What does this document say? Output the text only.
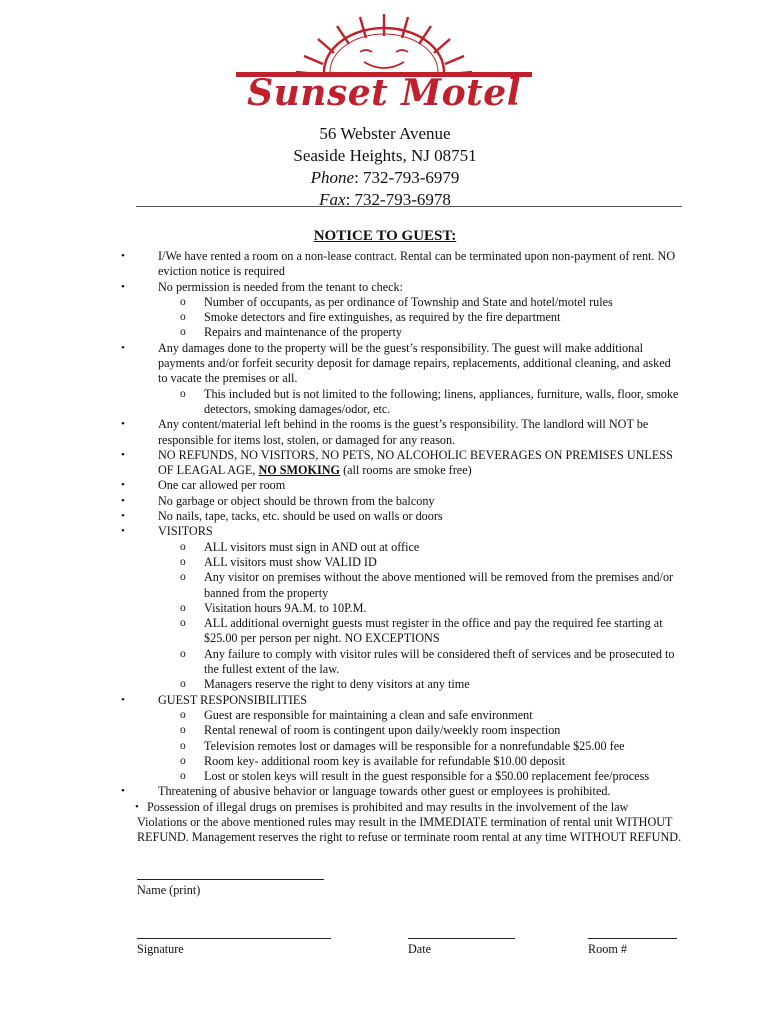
Sunset Motel
56 Webster Avenue
Seaside Heights, NJ 08751
Phone: 732-793-6979
Fax: 732-793-6978
NOTICE TO GUEST:
• I/We have rented a room on a non-lease contract. Rental can be terminated upon non-payment of rent. NO eviction notice is required
• No permission is needed from the tenant to check:
o Number of occupants, as per ordinance of Township and State and hotel/motel rules
o Smoke detectors and fire extinguishes, as required by the fire department
o Repairs and maintenance of the property
• Any damages done to the property will be the guest’s responsibility. The guest will make additional payments and/or forfeit security deposit for damage repairs, replacements, additional cleaning, and asked to vacate the premises or all.
o This included but is not limited to the following; linens, appliances, furniture, walls, floor, smoke detectors, smoking damages/odor, etc.
• Any content/material left behind in the rooms is the guest’s responsibility. The landlord will NOT be responsible for items lost, stolen, or damaged for any reason.
• NO REFUNDS, NO VISITORS, NO PETS, NO ALCOHOLIC BEVERAGES ON PREMISES UNLESS OF LEAGAL AGE, NO SMOKING (all rooms are smoke free)
• One car allowed per room
• No garbage or object should be thrown from the balcony
• No nails, tape, tacks, etc. should be used on walls or doors
• VISITORS
o ALL visitors must sign in AND out at office
o ALL visitors must show VALID ID
o Any visitor on premises without the above mentioned will be removed from the premises and/or banned from the property
o Visitation hours 9A.M. to 10P.M.
o ALL additional overnight guests must register in the office and pay the required fee starting at $25.00 per person per night. NO EXCEPTIONS
o Any failure to comply with visitor rules will be considered theft of services and be prosecuted to the fullest extent of the law.
o Managers reserve the right to deny visitors at any time
• GUEST RESPONSIBILITIES
o Guest are responsible for maintaining a clean and safe environment
o Rental renewal of room is contingent upon daily/weekly room inspection
o Television remotes lost or damages will be responsible for a nonrefundable $25.00 fee
o Room key- additional room key is available for refundable $10.00 deposit
o Lost or stolen keys will result in the guest responsible for a $50.00 replacement fee/process
• Threatening of abusive behavior or language towards other guest or employees is prohibited.
• Possession of illegal drugs on premises is prohibited and may results in the involvement of the law
Violations or the above mentioned rules may result in the IMMEDIATE termination of rental unit WITHOUT REFUND. Management reserves the right to refuse or terminate room rental at any time WITHOUT REFUND.
Name (print)
Signature	Date	Room #
